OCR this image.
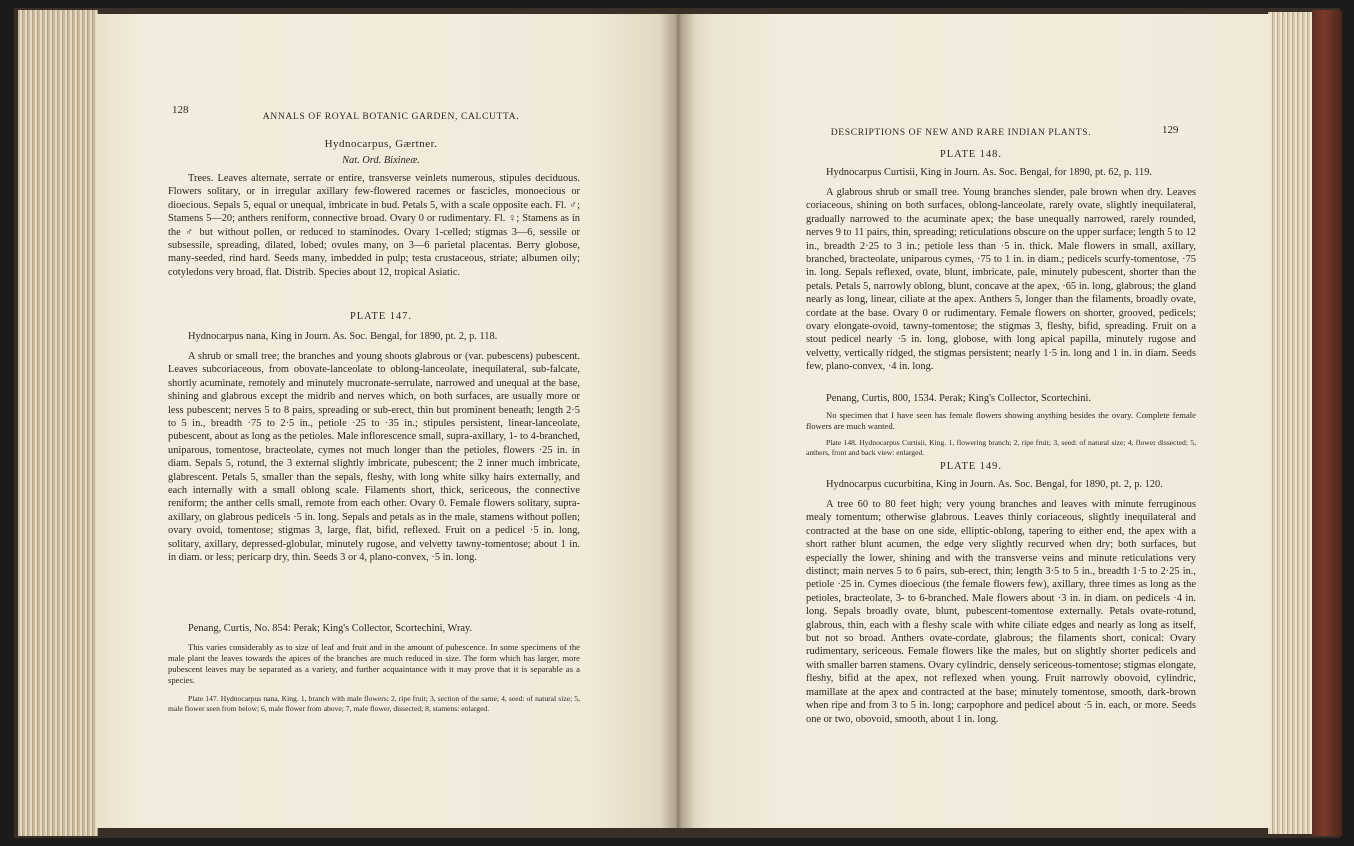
128
ANNALS OF ROYAL BOTANIC GARDEN, CALCUTTA.
Hydnocarpus, Gærtner.
Nat. Ord. Bixineæ.
Trees. Leaves alternate, serrate or entire, transverse veinlets numerous, stipules deciduous. Flowers solitary, or in irregular axillary few-flowered racemes or fascicles, monoecious or dioecious. Sepals 5, equal or unequal, imbricate in bud. Petals 5, with a scale opposite each. Fl. ♂; Stamens 5—20; anthers reniform, connective broad. Ovary 0 or rudimentary. Fl. ♀; Stamens as in the ♂ but without pollen, or reduced to staminodes. Ovary 1-celled; stigmas 3—6, sessile or subsessile, spreading, dilated, lobed; ovules many, on 3—6 parietal placentas. Berry globose, many-seeded, rind hard. Seeds many, imbedded in pulp; testa crustaceous, striate; albumen oily; cotyledons very broad, flat. Distrib. Species about 12, tropical Asiatic.
PLATE 147.
Hydnocarpus nana, King in Journ. As. Soc. Bengal, for 1890, pt. 2, p. 118.
A shrub or small tree; the branches and young shoots glabrous or (var. pubescens) pubescent. Leaves subcoriaceous, from obovate-lanceolate to oblong-lanceolate, inequilateral, sub-falcate, shortly acuminate, remotely and minutely mucronate-serrulate, narrowed and unequal at the base, shining and glabrous except the midrib and nerves which, on both surfaces, are usually more or less pubescent; nerves 5 to 8 pairs, spreading or sub-erect, thin but prominent beneath; length 2·5 to 5 in., breadth ·75 to 2·5 in., petiole ·25 to ·35 in.; stipules persistent, linear-lanceolate, pubescent, about as long as the petioles. Male inflorescence small, supra-axillary, 1- to 4-branched, uniparous, tomentose, bracteolate, cymes not much longer than the petioles, flowers ·25 in. in diam. Sepals 5, rotund, the 3 external slightly imbricate, pubescent; the 2 inner much imbricate, glabrescent. Petals 5, smaller than the sepals, fleshy, with long white silky hairs externally, and each internally with a small oblong scale. Filaments short, thick, sericeous, the connective reniform; the anther cells small, remote from each other. Ovary 0. Female flowers solitary, supra-axillary, on glabrous pedicels ·5 in. long. Sepals and petals as in the male, stamens without pollen; ovary ovoid, tomentose; stigmas 3, large, flat, bifid, reflexed. Fruit on a pedicel ·5 in. long, solitary, axillary, depressed-globular, minutely rugose, and velvetty tawny-tomentose; about 1 in. in diam. or less; pericarp dry, thin. Seeds 3 or 4, plano-convex, ·5 in. long.
Penang, Curtis, No. 854: Perak; King's Collector, Scortechini, Wray.
This varies considerably as to size of leaf and fruit and in the amount of pubescence. In some specimens of the male plant the leaves towards the apices of the branches are much reduced in size. The form which has larger, more pubescent leaves may be separated as a variety, and further acquaintance with it may prove that it is separable as a species.
Plate 147. Hydnocarpus nana, King. 1, branch with male flowers; 2, ripe fruit; 3, section of the same; 4, seed: of natural size; 5, male flower seen from below; 6, male flower from above; 7, male flower, dissected; 8, stamens: enlarged.
DESCRIPTIONS OF NEW AND RARE INDIAN PLANTS.	129
PLATE 148.
Hydnocarpus Curtisii, King in Journ. As. Soc. Bengal, for 1890, pt. 62, p. 119.
A glabrous shrub or small tree. Young branches slender, pale brown when dry. Leaves coriaceous, shining on both surfaces, oblong-lanceolate, rarely ovate, slightly inequilateral, gradually narrowed to the acuminate apex; the base unequally narrowed, rarely rounded, nerves 9 to 11 pairs, thin, spreading; reticulations obscure on the upper surface; length 5 to 12 in., breadth 2·25 to 3 in.; petiole less than ·5 in. thick. Male flowers in small, axillary, branched, bracteolate, uniparous cymes, ·75 to 1 in. in diam.; pedicels scurfy-tomentose, ·75 in. long. Sepals reflexed, ovate, blunt, imbricate, pale, minutely pubescent, shorter than the petals. Petals 5, narrowly oblong, blunt, concave at the apex, ·65 in. long, glabrous; the gland nearly as long, linear, ciliate at the apex. Anthers 5, longer than the filaments, broadly ovate, cordate at the base. Ovary 0 or rudimentary. Female flowers on shorter, grooved, pedicels; ovary elongate-ovoid, tawny-tomentose; the stigmas 3, fleshy, bifid, spreading. Fruit on a stout pedicel nearly ·5 in. long, globose, with long apical papilla, minutely rugose and velvetty, vertically ridged, the stigmas persistent; nearly 1·5 in. long and 1 in. in diam. Seeds few, plano-convex, ·4 in. long.
Penang, Curtis, 800, 1534. Perak; King's Collector, Scortechini.
No specimen that I have seen has female flowers showing anything besides the ovary. Complete female flowers are much wanted.
Plate 148. Hydnocarpus Curtisii, King. 1, flowering branch; 2, ripe fruit; 3, seed: of natural size; 4, flower dissected; 5, anthers, front and back view: enlarged.
PLATE 149.
Hydnocarpus cucurbitina, King in Journ. As. Soc. Bengal, for 1890, pt. 2, p. 120.
A tree 60 to 80 feet high; very young branches and leaves with minute ferruginous mealy tomentum; otherwise glabrous. Leaves thinly coriaceous, slightly inequilateral and contracted at the base on one side, elliptic-oblong, tapering to either end, the apex with a short rather blunt acumen, the edge very slightly recurved when dry; both surfaces, but especially the lower, shining and with the transverse veins and minute reticulations very distinct; main nerves 5 to 6 pairs, sub-erect, thin; length 3·5 to 5 in., breadth 1·5 to 2·25 in., petiole ·25 in. Cymes dioecious (the female flowers few), axillary, three times as long as the petioles, bracteolate, 3- to 6-branched. Male flowers about ·3 in. in diam. on pedicels ·4 in. long. Sepals broadly ovate, blunt, pubescent-tomentose externally. Petals ovate-rotund, glabrous, thin, each with a fleshy scale with white ciliate edges and nearly as long as itself, but not so broad. Anthers ovate-cordate, glabrous; the filaments short, conical: Ovary rudimentary, sericeous. Female flowers like the males, but on slightly shorter pedicels and with smaller barren stamens. Ovary cylindric, densely sericeous-tomentose; stigmas elongate, fleshy, bifid at the apex, not reflexed when young. Fruit narrowly obovoid, cylindric, mamillate at the apex and contracted at the base; minutely tomentose, smooth, dark-brown when ripe and from 3 to 5 in. long; carpophore and pedicel about ·5 in. each, or more. Seeds one or two, obovoid, smooth, about 1 in. long.
